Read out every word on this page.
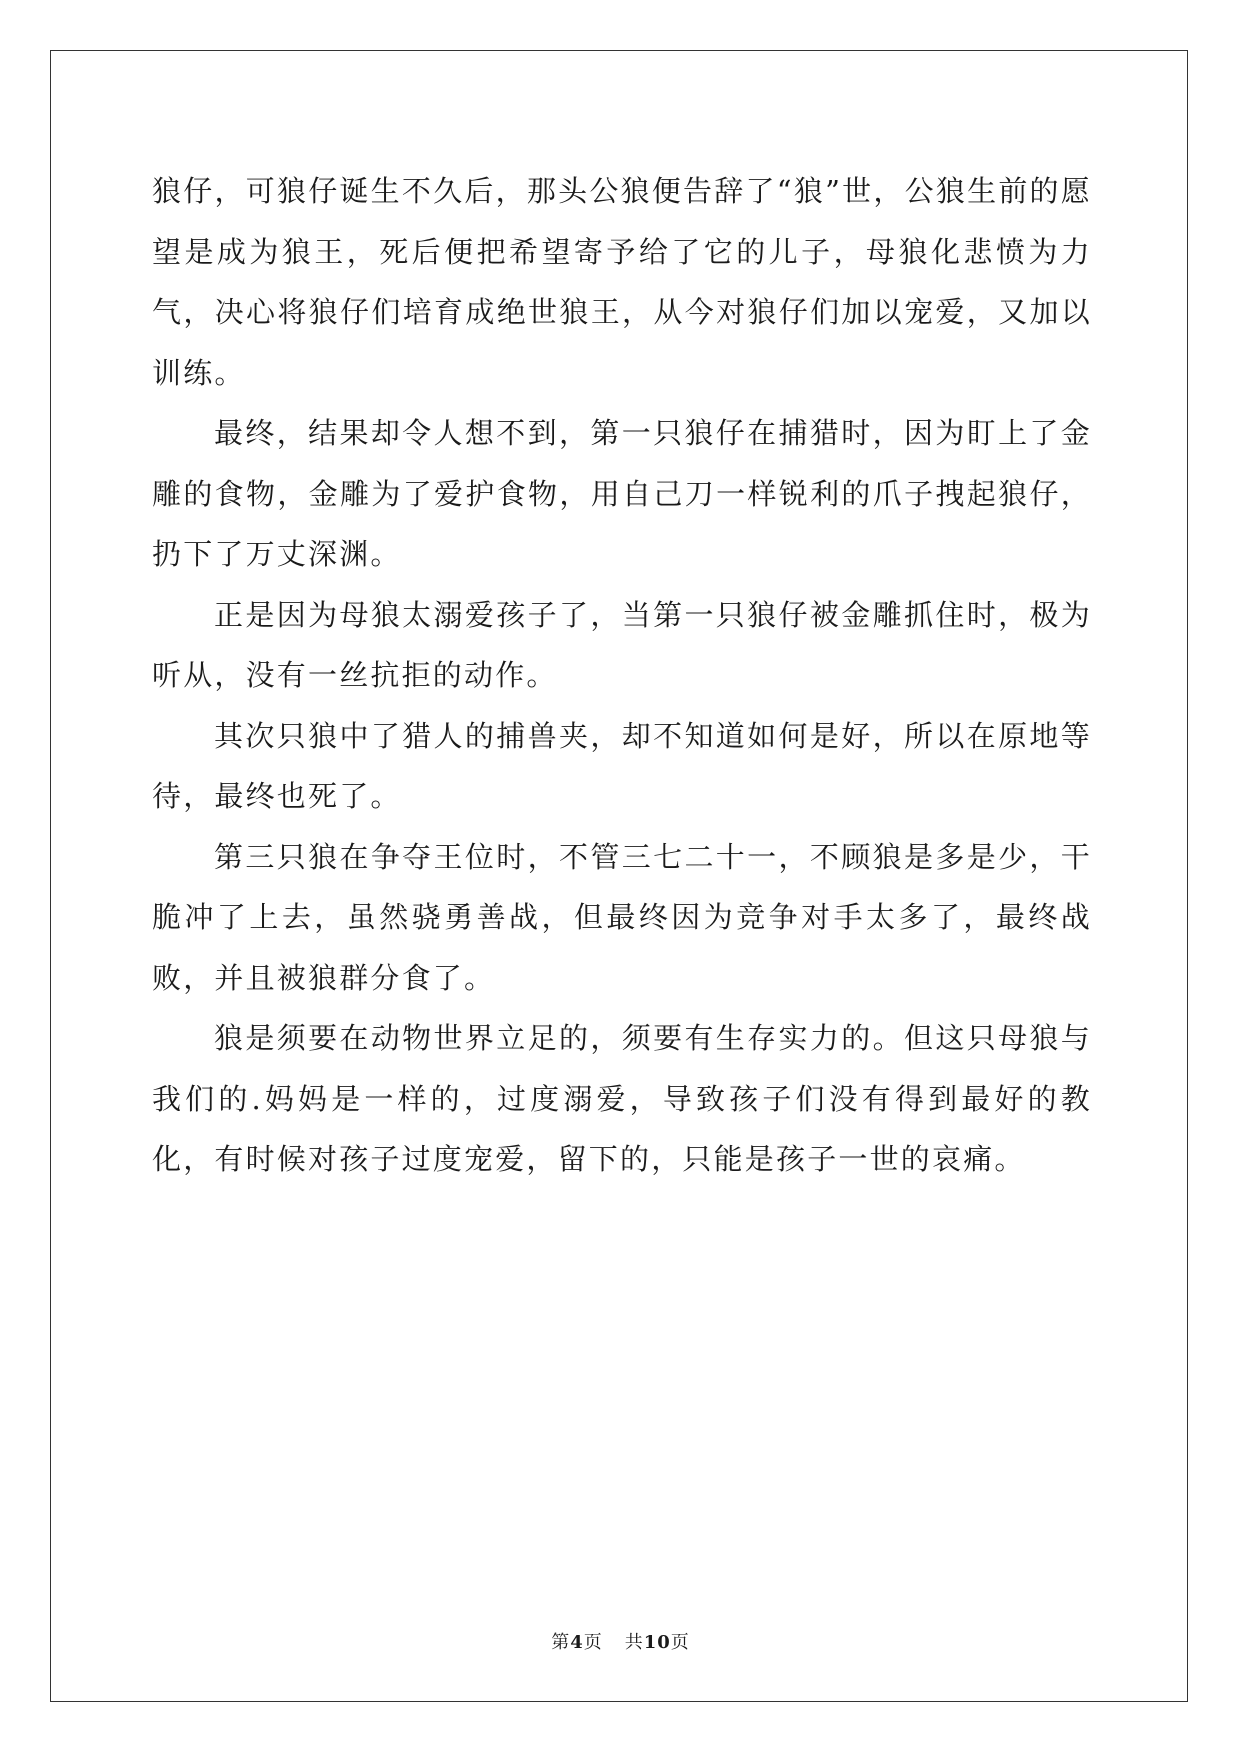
狼仔，可狼仔诞生不久后，那头公狼便告辞了“狼”世，公狼生前的愿望是成为狼王，死后便把希望寄予给了它的儿子，母狼化悲愤为力气，决心将狼仔们培育成绝世狼王，从今对狼仔们加以宠爱，又加以训练。

最终，结果却令人想不到，第一只狼仔在捕猎时，因为盯上了金雕的食物，金雕为了爱护食物，用自己刀一样锐利的爪子拽起狼仔，扔下了万丈深渊。

正是因为母狼太溺爱孩子了，当第一只狼仔被金雕抓住时，极为听从，没有一丝抗拒的动作。

其次只狼中了猎人的捕兽夹，却不知道如何是好，所以在原地等待，最终也死了。

第三只狼在争夺王位时，不管三七二十一，不顾狼是多是少，干脆冲了上去，虽然骁勇善战，但最终因为竞争对手太多了，最终战败，并且被狼群分食了。

狼是须要在动物世界立足的，须要有生存实力的。但这只母狼与我们的.妈妈是一样的，过度溺爱，导致孩子们没有得到最好的教化，有时候对孩子过度宠爱，留下的，只能是孩子一世的哀痛。

第4页 共10页
